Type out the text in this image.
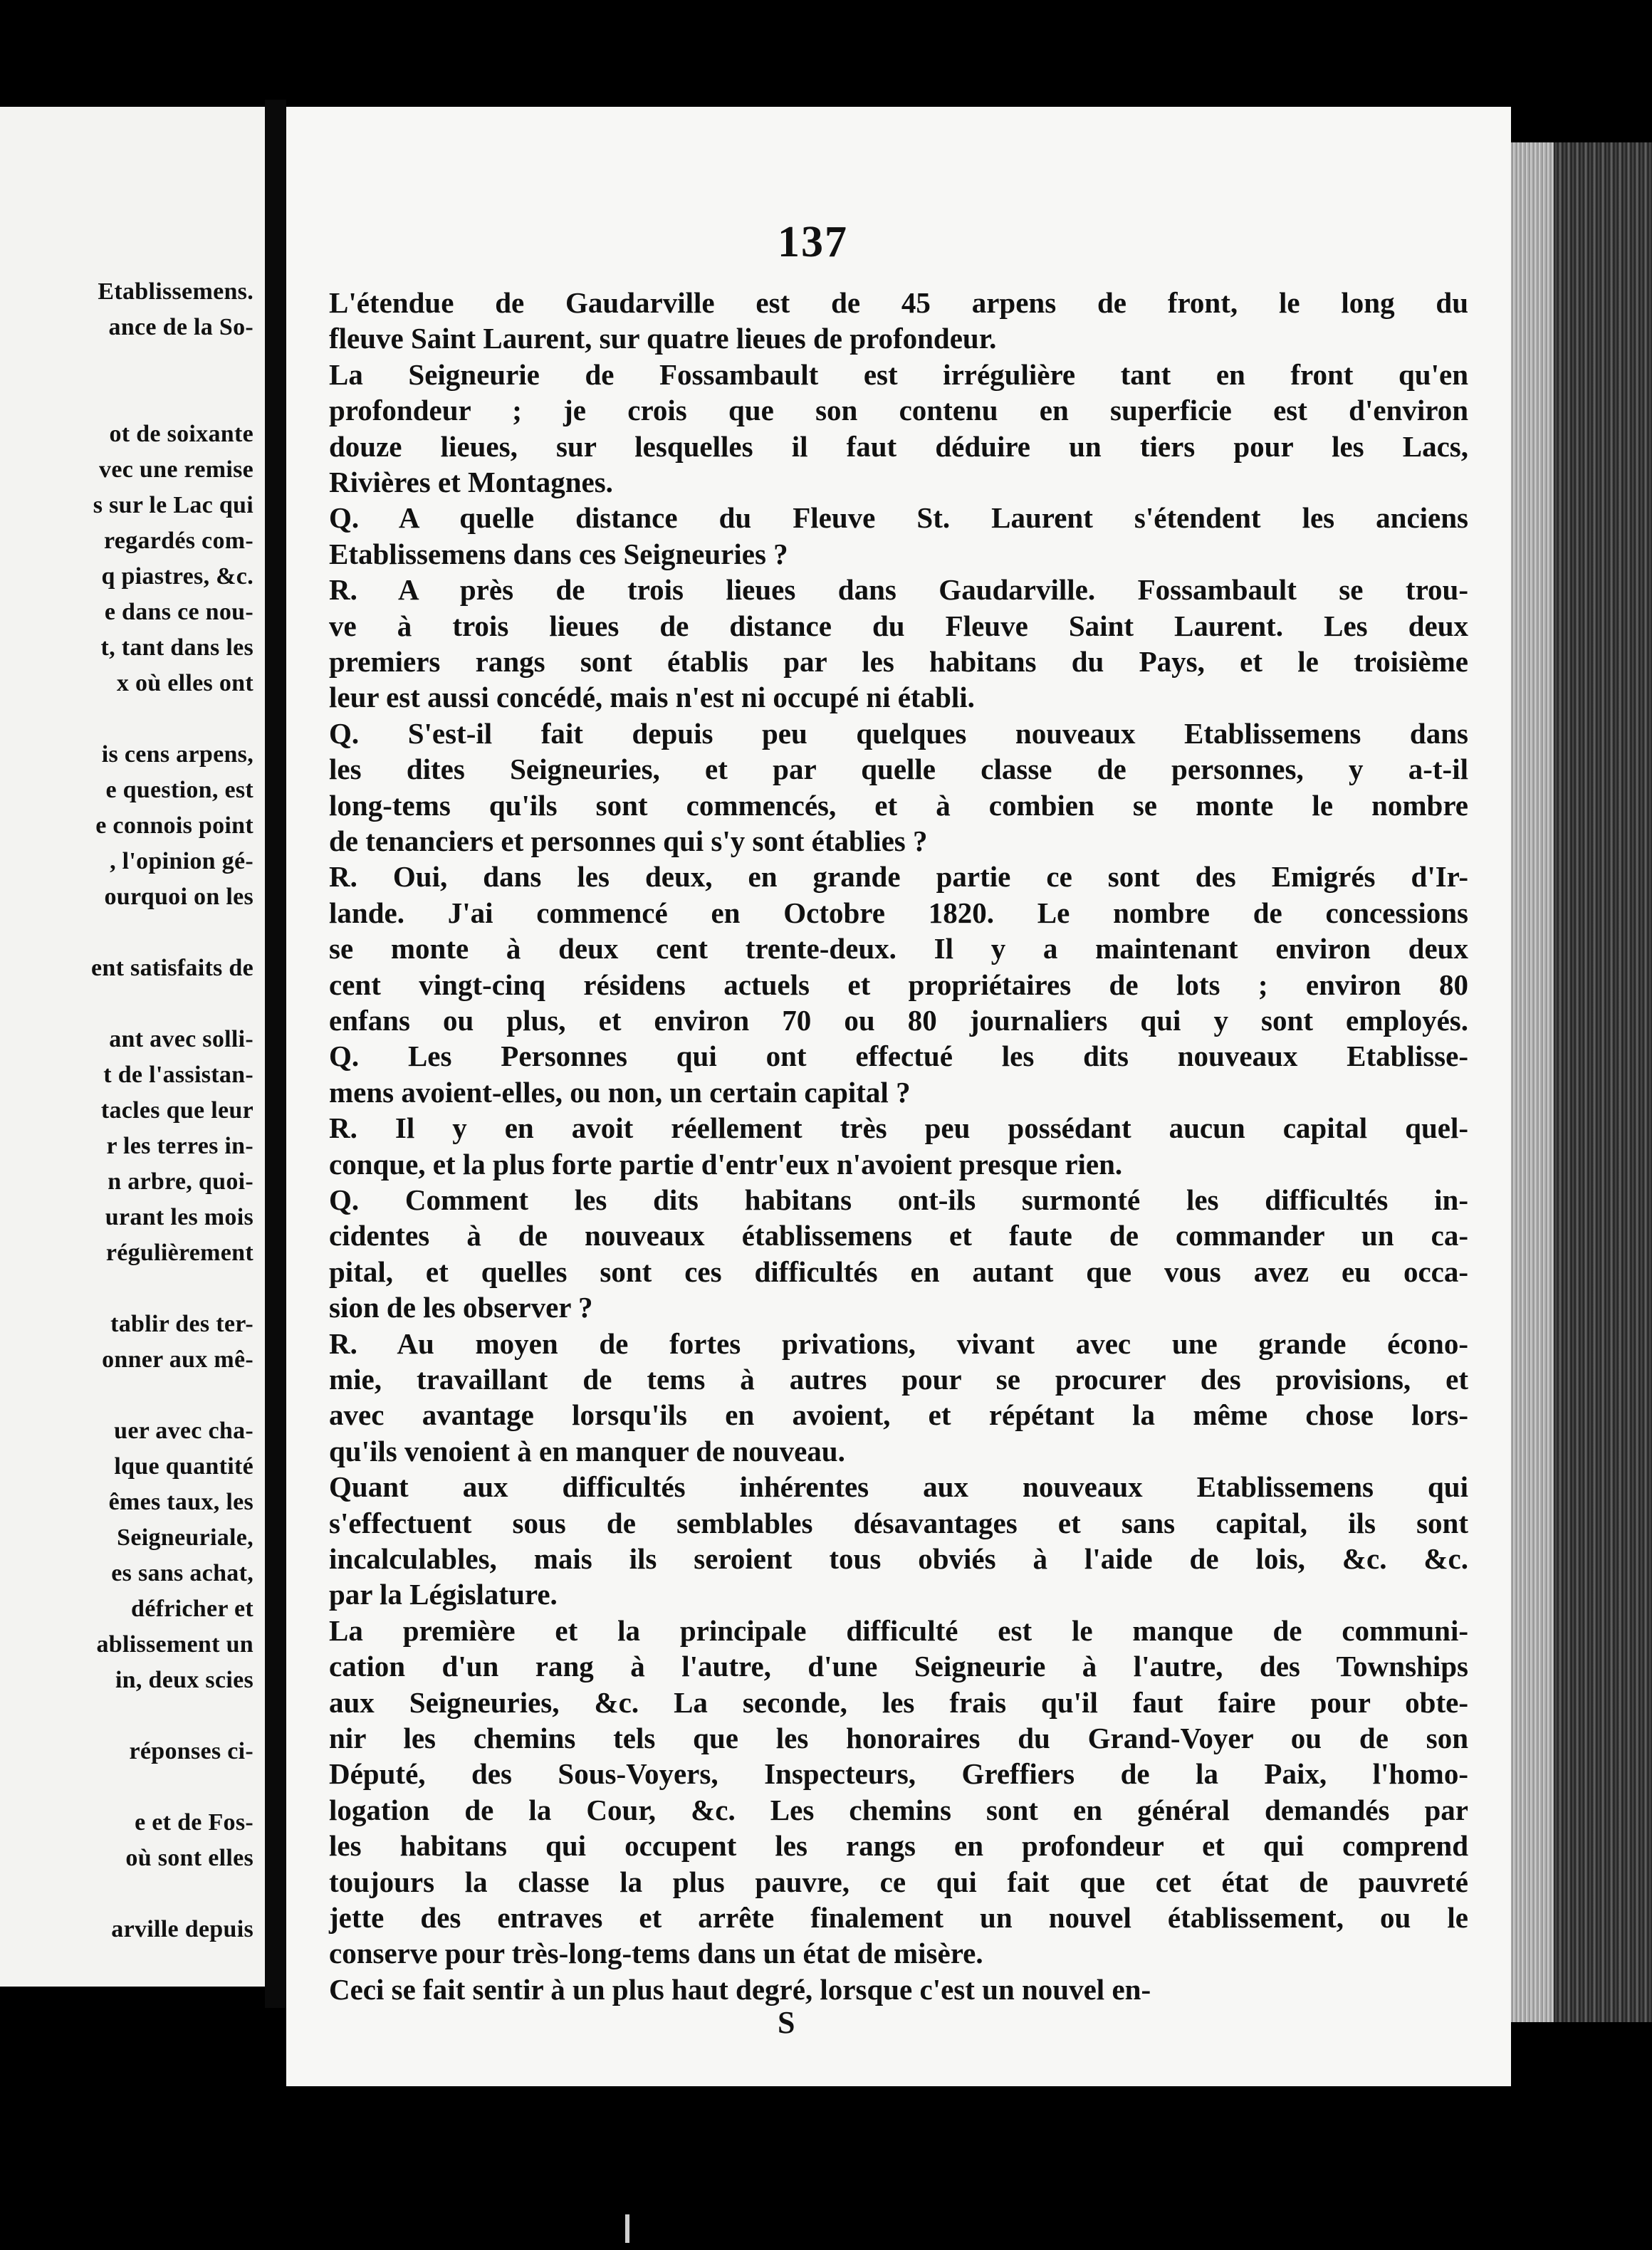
Etablissemens.
ance de la So-
ot de soixante
vec une remise
s sur le Lac qui
regardés com-
q piastres, &c.
e dans ce nou-
t, tant dans les
x où elles ont
is cens arpens,
e question, est
e connois point
, l'opinion gé-
ourquoi on les
ent satisfaits de
ant avec solli-
t de l'assistan-
tacles que leur
r les terres in-
n arbre, quoi-
urant les mois
régulièrement
tablir des ter-
onner aux mê-
uer avec cha-
lque quantité
êmes taux, les
Seigneuriale,
es sans achat,
défricher et
ablissement un
in, deux scies
réponses ci-
e et de Fos-
où sont elles
arville depuis
137
L'étendue de Gaudarville est de 45 arpens de front, le long du
fleuve Saint Laurent, sur quatre lieues de profondeur.
La Seigneurie de Fossambault est irrégulière tant en front qu'en
profondeur ; je crois que son contenu en superficie est d'environ
douze lieues, sur lesquelles il faut déduire un tiers pour les Lacs,
Rivières et Montagnes.
Q. A quelle distance du Fleuve St. Laurent s'étendent les anciens
Etablissemens dans ces Seigneuries ?
R. A près de trois lieues dans Gaudarville. Fossambault se trou-
ve à trois lieues de distance du Fleuve Saint Laurent. Les deux
premiers rangs sont établis par les habitans du Pays, et le troisième
leur est aussi concédé, mais n'est ni occupé ni établi.
Q. S'est-il fait depuis peu quelques nouveaux Etablissemens dans
les dites Seigneuries, et par quelle classe de personnes, y a-t-il
long-tems qu'ils sont commencés, et à combien se monte le nombre
de tenanciers et personnes qui s'y sont établies ?
R. Oui, dans les deux, en grande partie ce sont des Emigrés d'Ir-
lande. J'ai commencé en Octobre 1820. Le nombre de concessions
se monte à deux cent trente-deux. Il y a maintenant environ deux
cent vingt-cinq résidens actuels et propriétaires de lots ; environ 80
enfans ou plus, et environ 70 ou 80 journaliers qui y sont employés.
Q. Les Personnes qui ont effectué les dits nouveaux Etablisse-
mens avoient-elles, ou non, un certain capital ?
R. Il y en avoit réellement très peu possédant aucun capital quel-
conque, et la plus forte partie d'entr'eux n'avoient presque rien.
Q. Comment les dits habitans ont-ils surmonté les difficultés in-
cidentes à de nouveaux établissemens et faute de commander un ca-
pital, et quelles sont ces difficultés en autant que vous avez eu occa-
sion de les observer ?
R. Au moyen de fortes privations, vivant avec une grande écono-
mie, travaillant de tems à autres pour se procurer des provisions, et
avec avantage lorsqu'ils en avoient, et répétant la même chose lors-
qu'ils venoient à en manquer de nouveau.
Quant aux difficultés inhérentes aux nouveaux Etablissemens qui
s'effectuent sous de semblables désavantages et sans capital, ils sont
incalculables, mais ils seroient tous obviés à l'aide de lois, &c. &c.
par la Législature.
La première et la principale difficulté est le manque de communi-
cation d'un rang à l'autre, d'une Seigneurie à l'autre, des Townships
aux Seigneuries, &c. La seconde, les frais qu'il faut faire pour obte-
nir les chemins tels que les honoraires du Grand-Voyer ou de son
Député, des Sous-Voyers, Inspecteurs, Greffiers de la Paix, l'homo-
logation de la Cour, &c. Les chemins sont en général demandés par
les habitans qui occupent les rangs en profondeur et qui comprend
toujours la classe la plus pauvre, ce qui fait que cet état de pauvreté
jette des entraves et arrête finalement un nouvel établissement, ou le
conserve pour très-long-tems dans un état de misère.
Ceci se fait sentir à un plus haut degré, lorsque c'est un nouvel en-
S
